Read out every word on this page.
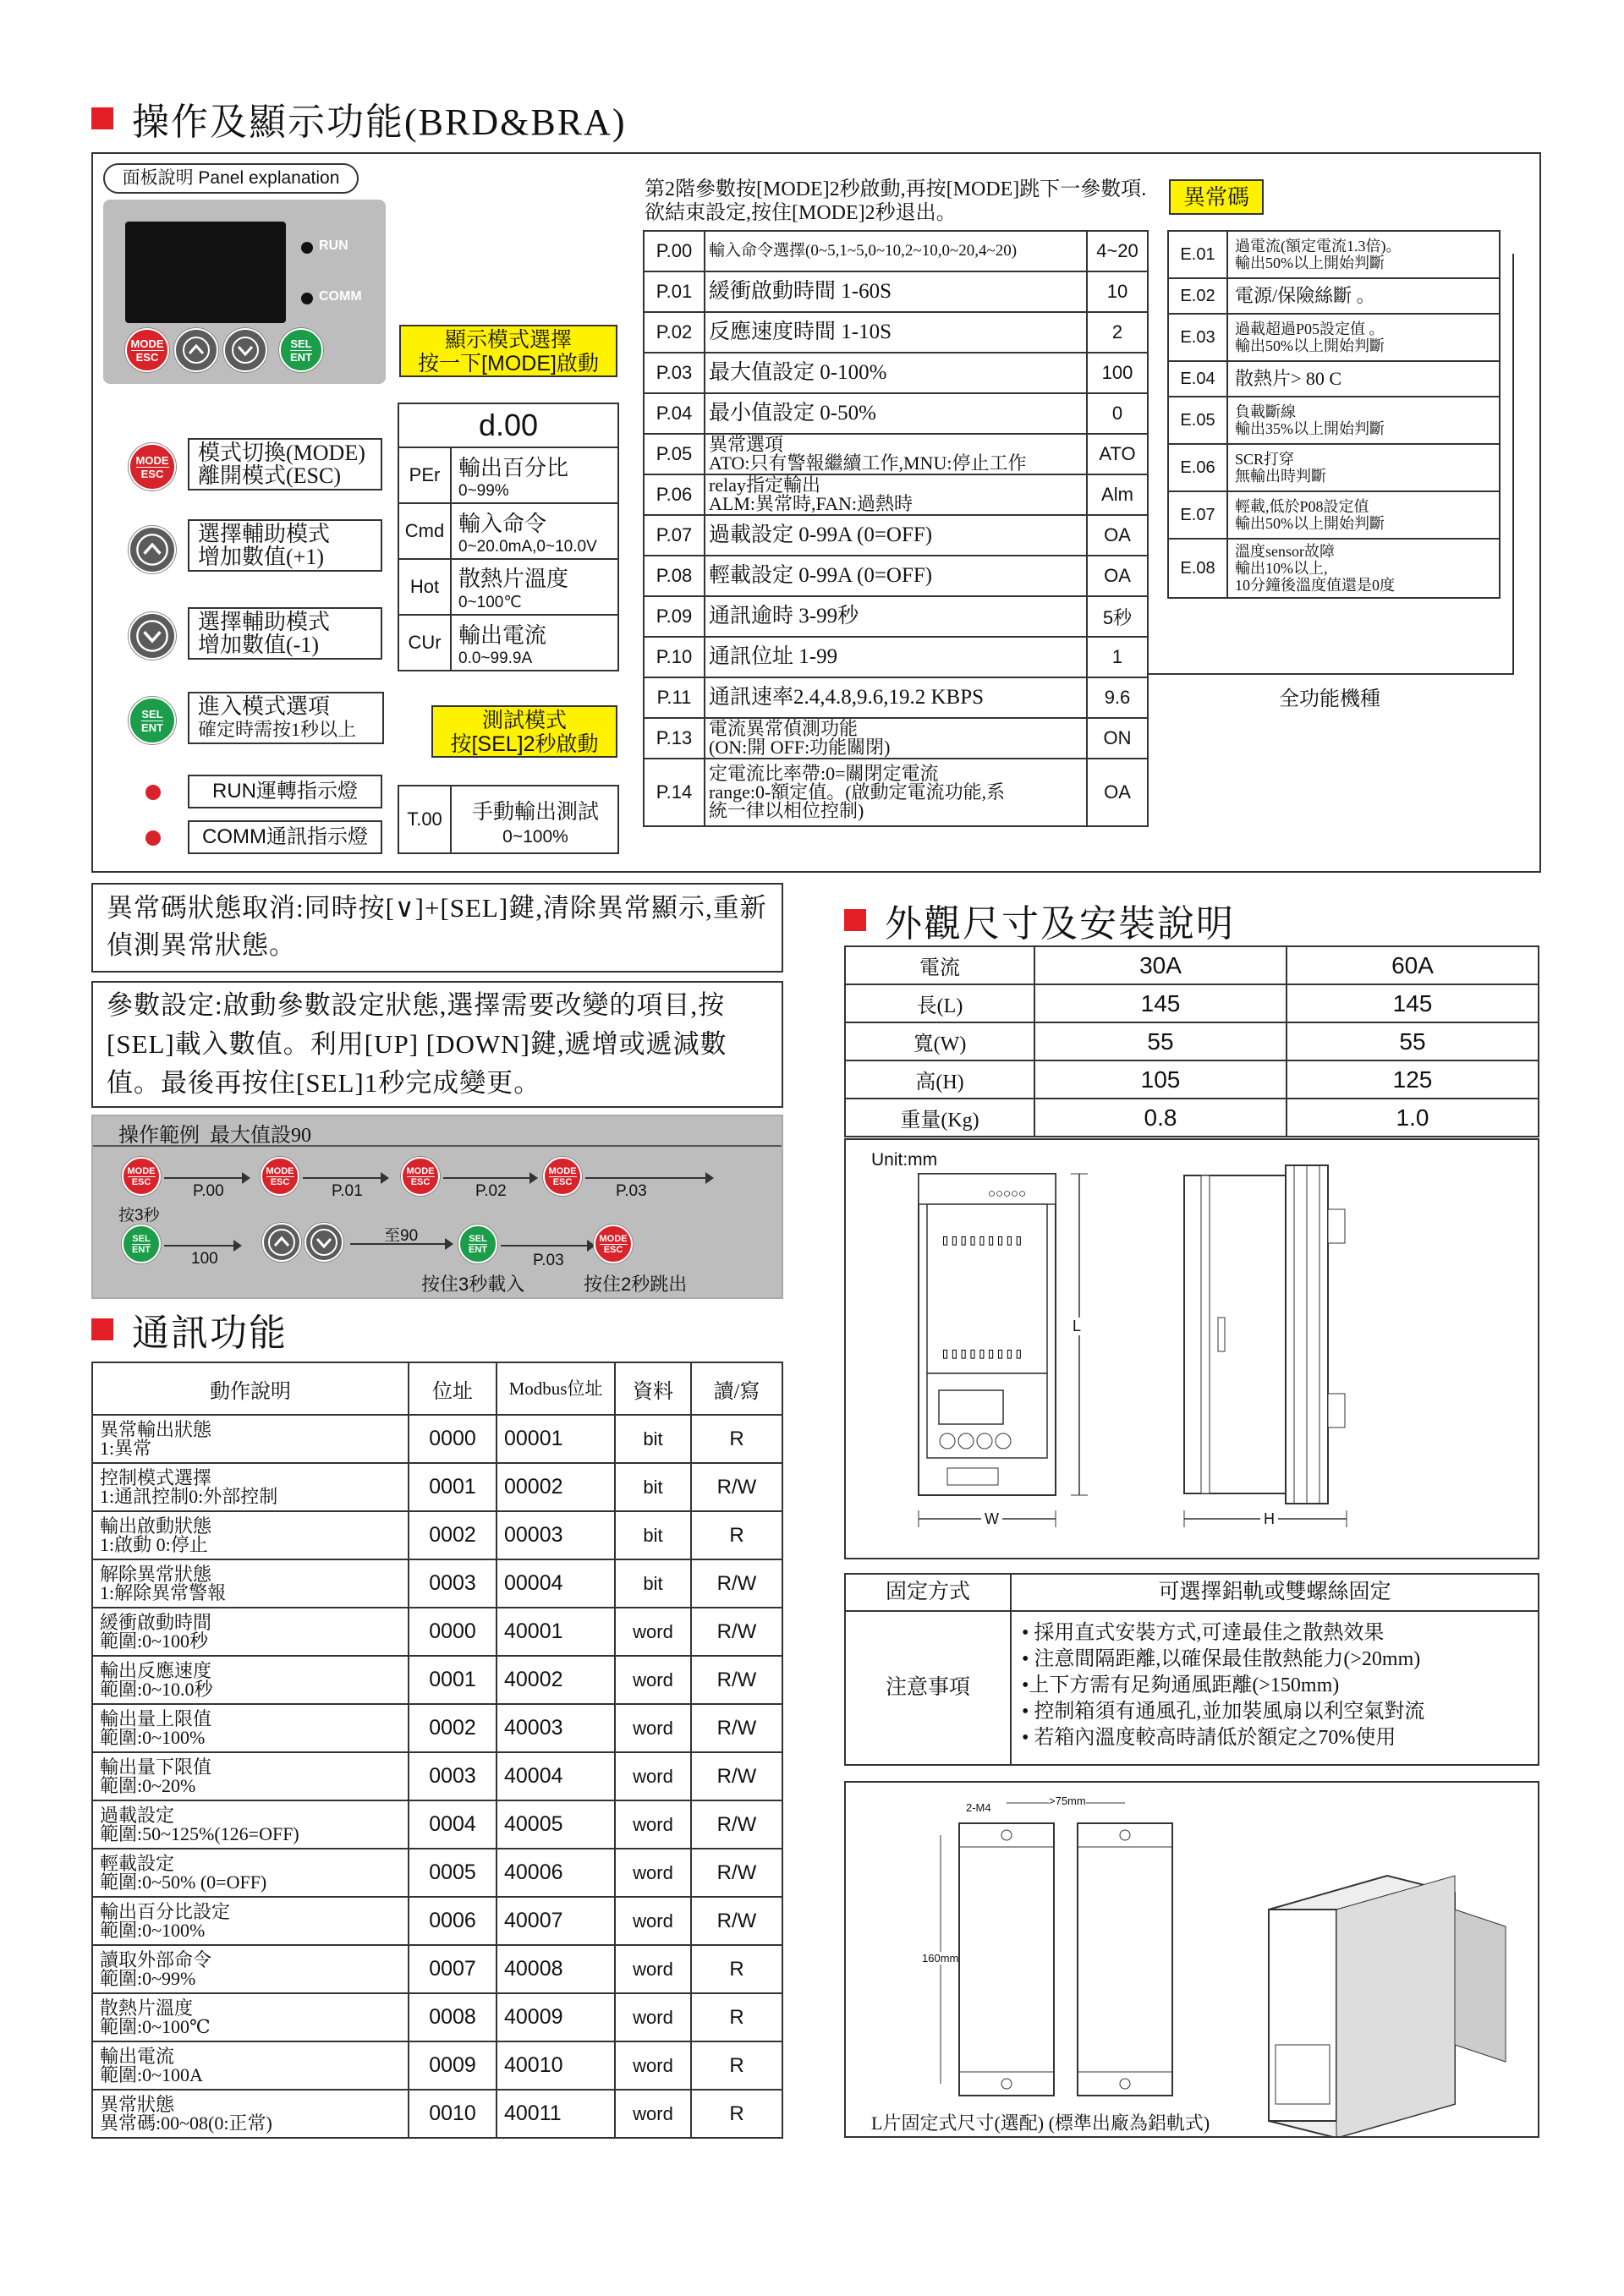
操作及顯示功能(BRD&BRA)
面板說明 Panel explanation
RUN
COMM
MODE
ESC
SEL
ENT
顯示模式選擇
按一下[MODE]啟動
d.00
PEr	輸出百分比
0~99%

Cmd	輸入命令
0~20.0mA,0~10.0V

Hot	散熱片溫度
0~100℃

CUr	輸出電流
0.0~99.9A
MODE
ESC
模式切換(MODE)
離開模式(ESC)
選擇輔助模式
增加數值(+1)
選擇輔助模式
增加數值(-1)
SEL
ENT
進入模式選項
確定時需按1秒以上
RUN運轉指示燈
COMM通訊指示燈
測試模式
按[SEL]2秒啟動
T.00	手動輸出測試
0~100%
第2階參數按[MODE]2秒啟動,再按[MODE]跳下一參數項.欲結束設定,按住[MODE]2秒退出。
P.00	輸入命令選擇(0~5,1~5,0~10,2~10,0~20,4~20)	4~20
P.01	緩衝啟動時間 1-60S	10
P.02	反應速度時間 1-10S	2
P.03	最大值設定 0-100%	100
P.04	最小值設定 0-50%	0
P.05	異常選項
ATO:只有警報繼續工作,MNU:停止工作	ATO
P.06	relay指定輸出
ALM:異常時,FAN:過熱時	Alm
P.07	過載設定 0-99A (0=OFF)	OA
P.08	輕載設定 0-99A (0=OFF)	OA
P.09	通訊逾時 3-99秒	5秒
P.10	通訊位址 1-99	1
P.11	通訊速率2.4,4.8,9.6,19.2 KBPS	9.6
P.13	電流異常偵測功能
(ON:開 OFF:功能關閉)	ON
P.14	定電流比率帶:0=關閉定電流
range:0-額定值。(啟動定電流功能,系
統一律以相位控制)	OA
異常碼
E.01	過電流(額定電流1.3倍)。
輸出50%以上開始判斷

E.02	電源/保險絲斷 。

E.03	過載超過P05設定值 。
輸出50%以上開始判斷

E.04	散熱片> 80 C

E.05	負載斷線
輸出35%以上開始判斷

E.06	SCR打穿
無輸出時判斷

E.07	輕載,低於P08設定值
輸出50%以上開始判斷

E.08	溫度sensor故障
輸出10%以上,
10分鐘後溫度值還是0度
全功能機種
異常碼狀態取消:同時按[∨]+[SEL]鍵,清除異常顯示,重新偵測異常狀態。
參數設定:啟動參數設定狀態,選擇需要改變的項目,按[SEL]載入數值。利用[UP] [DOWN]鍵,遞增或遞減數值。最後再按住[SEL]1秒完成變更。
操作範例  最大值設90
MODE
ESC
P.00
MODE
ESC
P.01
MODE
ESC
P.02
MODE
ESC
P.03
按3秒
SEL
ENT
100
至90	SEL
ENT
P.03
MODE
ESC
按住3秒載入	按住2秒跳出
通訊功能
動作說明	位址	Modbus位址	資料	讀/寫

異常輸出狀態
1:異常	0000	00001	bit	R

控制模式選擇
1:通訊控制0:外部控制	0001	00002	bit	R/W

輸出啟動狀態
1:啟動 0:停止	0002	00003	bit	R

解除異常狀態
1:解除異常警報	0003	00004	bit	R/W

緩衝啟動時間
範圍:0~100秒	0000	40001	word	R/W

輸出反應速度
範圍:0~10.0秒	0001	40002	word	R/W

輸出量上限值
範圍:0~100%	0002	40003	word	R/W

輸出量下限值
範圍:0~20%	0003	40004	word	R/W

過載設定
範圍:50~125%(126=OFF)	0004	40005	word	R/W

輕載設定
範圍:0~50% (0=OFF)	0005	40006	word	R/W

輸出百分比設定
範圍:0~100%	0006	40007	word	R/W

讀取外部命令
範圍:0~99%	0007	40008	word	R

散熱片溫度
範圍:0~100℃	0008	40009	word	R

輸出電流
範圍:0~100A	0009	40010	word	R

異常狀態
異常碼:00~08(0:正常)	0010	40011	word	R
外觀尺寸及安裝說明
電流	30A	60A
長(L)	145	145
寬(W)	55	55
高(H)	105	125
重量(Kg)	0.8	1.0
Unit:mm
○○○○○
▯▯▯▯▯▯▯▯▯
▯▯▯▯▯▯▯▯▯
L
W	H
固定方式	可選擇鋁軌或雙螺絲固定
注意事項
• 採用直式安裝方式,可達最佳之散熱效果
• 注意間隔距離,以確保最佳散熱能力(>20mm)
•上下方需有足夠通風距離(>150mm)
• 控制箱須有通風孔,並加裝風扇以利空氣對流
• 若箱內溫度較高時請低於額定之70%使用
2-M4
>75mm
160mm
L片固定式尺寸(選配) (標準出廠為鋁軌式)
